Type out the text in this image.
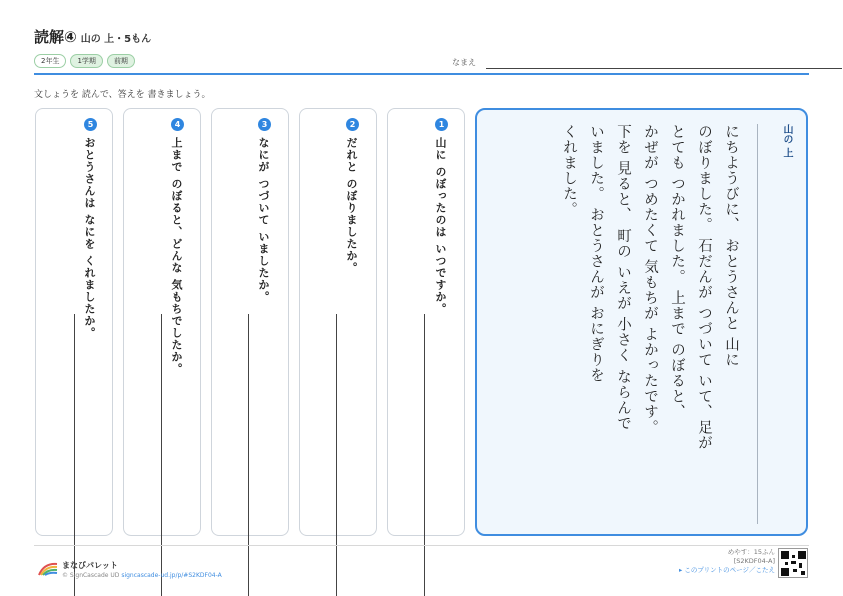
読解④ 山の 上・5もん
2年生	1学期	前期	なまえ
文しょうを 読んで、答えを 書きましょう。
1
山に のぼったのは いつですか。
2
だれと のぼりましたか。
3
なにが つづいて いましたか。
4
上まで のぼると、どんな 気もちでしたか。
5
おとうさんは なにを くれましたか。	山の 上

にちようびに、 おとうさんと 山に

のぼりました。 石だんが つづいて いて、足が

とても つかれました。 上まで のぼると、

かぜが つめたくて 気もちが よかったです。

下を 見ると、 町の いえが 小さく ならんで

いました。 おとうさんが おにぎりを

くれました。

まなびパレット
© SignCascade UD signcascade-ud.jp/p/#S2KDF04-A
めやす：15ふん
[S2KDF04-A]
▸ このプリントのページ／こたえ
